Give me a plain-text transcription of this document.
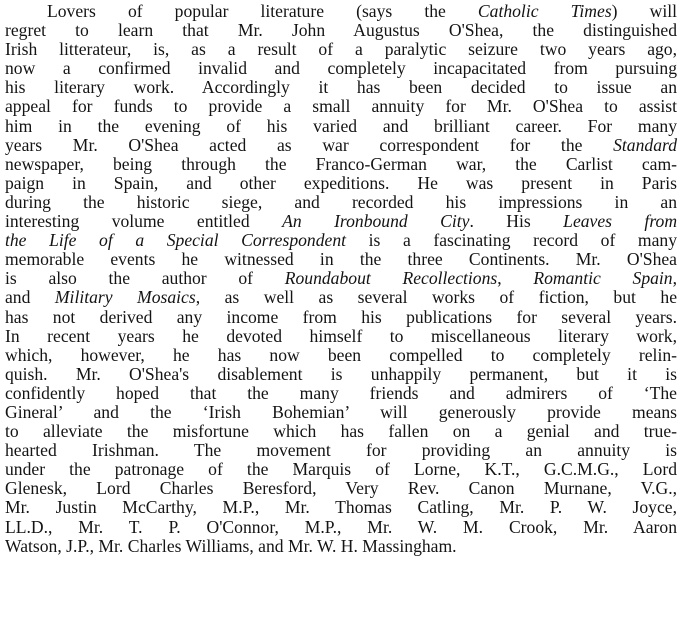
Lovers of popular literature (says the Catholic Times) will
regret to learn that Mr. John Augustus O'Shea, the distinguished
Irish litterateur, is, as a result of a paralytic seizure two years ago,
now a confirmed invalid and completely incapacitated from pursuing
his literary work. Accordingly it has been decided to issue an
appeal for funds to provide a small annuity for Mr. O'Shea to assist
him in the evening of his varied and brilliant career. For many
years Mr. O'Shea acted as war correspondent for the Standard
newspaper, being through the Franco-German war, the Carlist cam-
paign in Spain, and other expeditions. He was present in Paris
during the historic siege, and recorded his impressions in an
interesting volume entitled An Ironbound City. His Leaves from
the Life of a Special Correspondent is a fascinating record of many
memorable events he witnessed in the three Continents. Mr. O'Shea
is also the author of Roundabout Recollections, Romantic Spain,
and Military Mosaics, as well as several works of fiction, but he
has not derived any income from his publications for several years.
In recent years he devoted himself to miscellaneous literary work,
which, however, he has now been compelled to completely relin-
quish. Mr. O'Shea's disablement is unhappily permanent, but it is
confidently hoped that the many friends and admirers of ‘The
Gineral’ and the ‘Irish Bohemian’ will generously provide means
to alleviate the misfortune which has fallen on a genial and true-
hearted Irishman. The movement for providing an annuity is
under the patronage of the Marquis of Lorne, K.T., G.C.M.G., Lord
Glenesk, Lord Charles Beresford, Very Rev. Canon Murnane, V.G.,
Mr. Justin McCarthy, M.P., Mr. Thomas Catling, Mr. P. W. Joyce,
LL.D., Mr. T. P. O'Connor, M.P., Mr. W. M. Crook, Mr. Aaron
Watson, J.P., Mr. Charles Williams, and Mr. W. H. Massingham.
